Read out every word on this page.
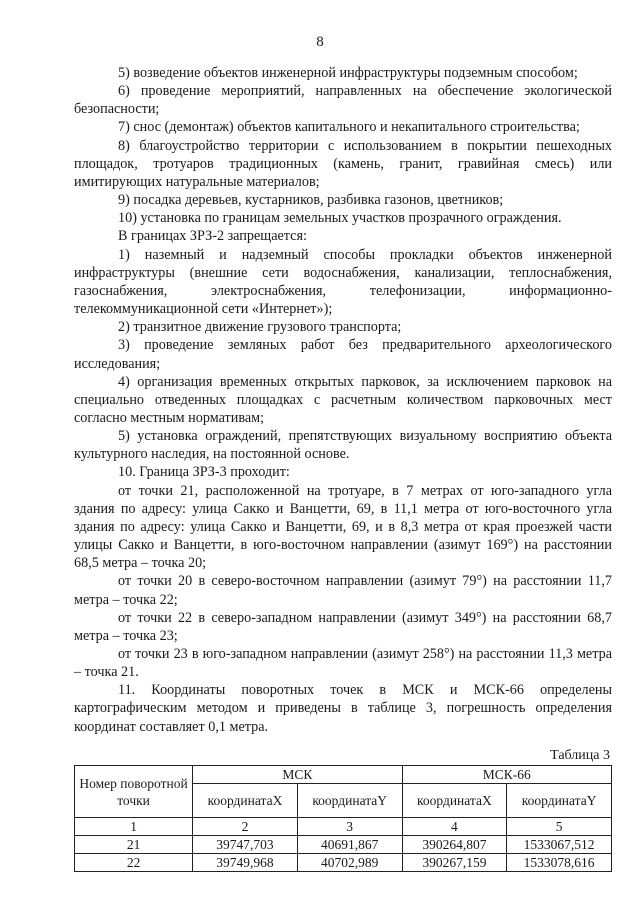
8

5) возведение объектов инженерной инфраструктуры подземным способом;

6) проведение мероприятий, направленных на обеспечение экологической безопасности;

7) снос (демонтаж) объектов капитального и некапитального строительства;

8) благоустройство территории с использованием в покрытии пешеходных площадок, тротуаров традиционных (камень, гранит, гравийная смесь) или имитирующих натуральные материалов;

9) посадка деревьев, кустарников, разбивка газонов, цветников;

10) установка по границам земельных участков прозрачного ограждения.

В границах ЗРЗ-2 запрещается:

1) наземный и надземный способы прокладки объектов инженерной инфраструктуры (внешние сети водоснабжения, канализации, теплоснабжения, газоснабжения, электроснабжения, телефонизации, информационно-телекоммуникационной сети «Интернет»);

2) транзитное движение грузового транспорта;

3) проведение земляных работ без предварительного археологического исследования;

4) организация временных открытых парковок, за исключением парковок на специально отведенных площадках с расчетным количеством парковочных мест согласно местным нормативам;

5) установка ограждений, препятствующих визуальному восприятию объекта культурного наследия, на постоянной основе.

10. Граница ЗРЗ-3 проходит:

от точки 21, расположенной на тротуаре, в 7 метрах от юго-западного угла здания по адресу: улица Сакко и Ванцетти, 69, в 11,1 метра от юго-восточного угла здания по адресу: улица Сакко и Ванцетти, 69, и в 8,3 метра от края проезжей части улицы Сакко и Ванцетти, в юго-восточном направлении (азимут 169°) на расстоянии 68,5 метра – точка 20;

от точки 20 в северо-восточном направлении (азимут 79°) на расстоянии 11,7 метра – точка 22;

от точки 22 в северо-западном направлении (азимут 349°) на расстоянии 68,7 метра – точка 23;

от точки 23 в юго-западном направлении (азимут 258°) на расстоянии 11,3 метра – точка 21.

11. Координаты поворотных точек в МСК и МСК-66 определены картографическим методом и приведены в таблице 3, погрешность определения координат составляет 0,1 метра.

Таблица 3
Номер поворотной точки	МСК		МСК-66	
	координатаX	координатаY	координатаX	координатаY
1	2	3	4	5
21	39747,703	40691,867	390264,807	1533067,512
22	39749,968	40702,989	390267,159	1533078,616
